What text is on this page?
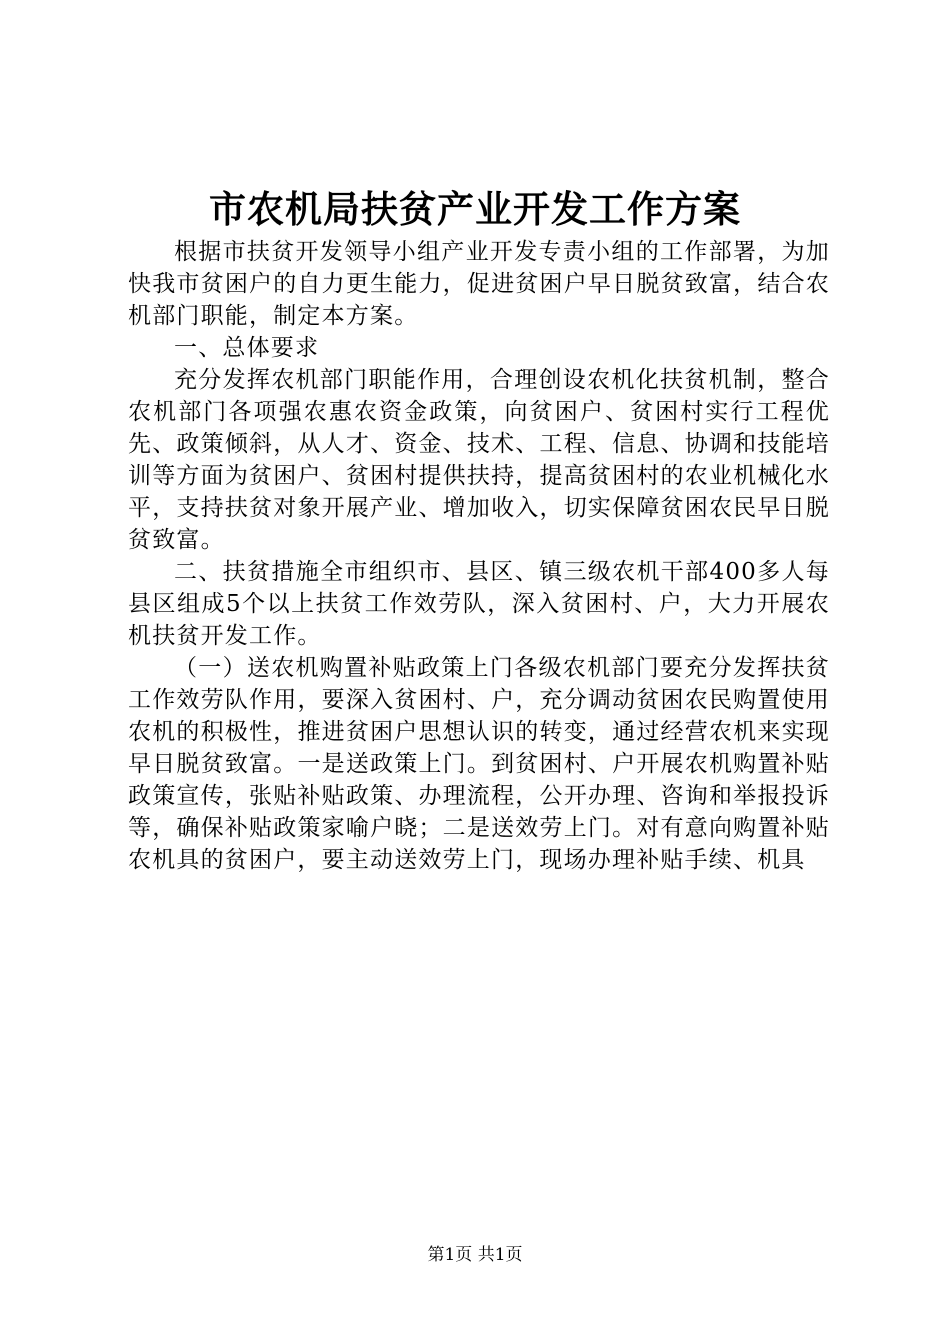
市农机局扶贫产业开发工作方案

根据市扶贫开发领导小组产业开发专责小组的工作部署，为加快我市贫困户的自力更生能力，促进贫困户早日脱贫致富，结合农机部门职能，制定本方案。

一、总体要求

充分发挥农机部门职能作用，合理创设农机化扶贫机制，整合农机部门各项强农惠农资金政策，向贫困户、贫困村实行工程优先、政策倾斜，从人才、资金、技术、工程、信息、协调和技能培训等方面为贫困户、贫困村提供扶持，提高贫困村的农业机械化水平，支持扶贫对象开展产业、增加收入，切实保障贫困农民早日脱贫致富。

二、扶贫措施全市组织市、县区、镇三级农机干部400多人每县区组成5个以上扶贫工作效劳队，深入贫困村、户，大力开展农机扶贫开发工作。

（一）送农机购置补贴政策上门各级农机部门要充分发挥扶贫工作效劳队作用，要深入贫困村、户，充分调动贫困农民购置使用农机的积极性，推进贫困户思想认识的转变，通过经营农机来实现早日脱贫致富。一是送政策上门。到贫困村、户开展农机购置补贴政策宣传，张贴补贴政策、办理流程，公开办理、咨询和举报投诉 等，确保补贴政策家喻户晓；二是送效劳上门。对有意向购置补贴农机具的贫困户，要主动送效劳上门，现场办理补贴手续、机具

第1页 共1页
